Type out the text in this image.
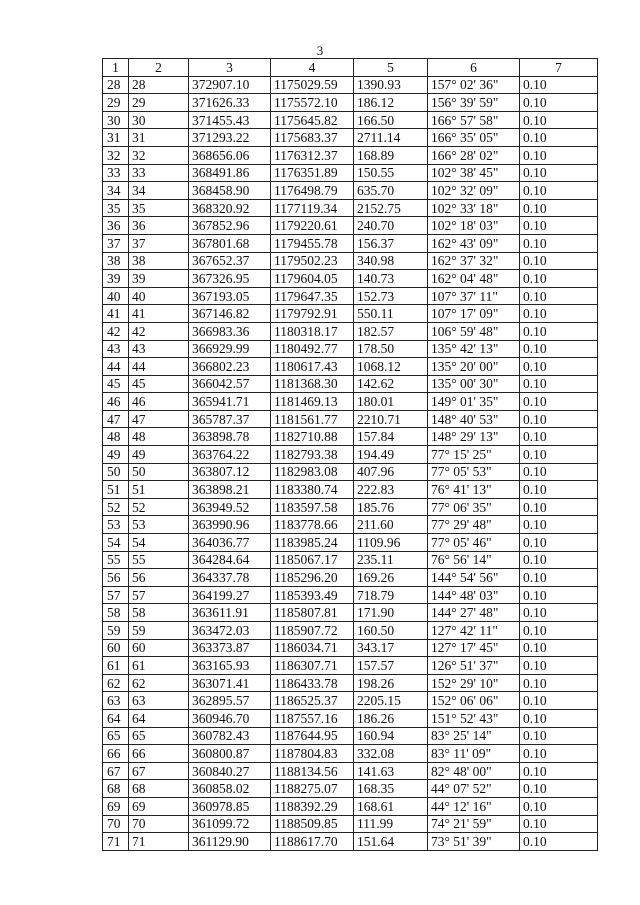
3
1	2	3	4	5	6	7
28	28	372907.10	1175029.59	1390.93	157° 02' 36"	0.10
29	29	371626.33	1175572.10	186.12	156° 39' 59"	0.10
30	30	371455.43	1175645.82	166.50	166° 57' 58"	0.10
31	31	371293.22	1175683.37	2711.14	166° 35' 05"	0.10
32	32	368656.06	1176312.37	168.89	166° 28' 02"	0.10
33	33	368491.86	1176351.89	150.55	102° 38' 45"	0.10
34	34	368458.90	1176498.79	635.70	102° 32' 09"	0.10
35	35	368320.92	1177119.34	2152.75	102° 33' 18"	0.10
36	36	367852.96	1179220.61	240.70	102° 18' 03"	0.10
37	37	367801.68	1179455.78	156.37	162° 43' 09"	0.10
38	38	367652.37	1179502.23	340.98	162° 37' 32"	0.10
39	39	367326.95	1179604.05	140.73	162° 04' 48"	0.10
40	40	367193.05	1179647.35	152.73	107° 37' 11"	0.10
41	41	367146.82	1179792.91	550.11	107° 17' 09"	0.10
42	42	366983.36	1180318.17	182.57	106° 59' 48"	0.10
43	43	366929.99	1180492.77	178.50	135° 42' 13"	0.10
44	44	366802.23	1180617.43	1068.12	135° 20' 00"	0.10
45	45	366042.57	1181368.30	142.62	135° 00' 30"	0.10
46	46	365941.71	1181469.13	180.01	149° 01' 35"	0.10
47	47	365787.37	1181561.77	2210.71	148° 40' 53"	0.10
48	48	363898.78	1182710.88	157.84	148° 29' 13"	0.10
49	49	363764.22	1182793.38	194.49	77° 15' 25"	0.10
50	50	363807.12	1182983.08	407.96	77° 05' 53"	0.10
51	51	363898.21	1183380.74	222.83	76° 41' 13"	0.10
52	52	363949.52	1183597.58	185.76	77° 06' 35"	0.10
53	53	363990.96	1183778.66	211.60	77° 29' 48"	0.10
54	54	364036.77	1183985.24	1109.96	77° 05' 46"	0.10
55	55	364284.64	1185067.17	235.11	76° 56' 14"	0.10
56	56	364337.78	1185296.20	169.26	144° 54' 56"	0.10
57	57	364199.27	1185393.49	718.79	144° 48' 03"	0.10
58	58	363611.91	1185807.81	171.90	144° 27' 48"	0.10
59	59	363472.03	1185907.72	160.50	127° 42' 11"	0.10
60	60	363373.87	1186034.71	343.17	127° 17' 45"	0.10
61	61	363165.93	1186307.71	157.57	126° 51' 37"	0.10
62	62	363071.41	1186433.78	198.26	152° 29' 10"	0.10
63	63	362895.57	1186525.37	2205.15	152° 06' 06"	0.10
64	64	360946.70	1187557.16	186.26	151° 52' 43"	0.10
65	65	360782.43	1187644.95	160.94	83° 25' 14"	0.10
66	66	360800.87	1187804.83	332.08	83° 11' 09"	0.10
67	67	360840.27	1188134.56	141.63	82° 48' 00"	0.10
68	68	360858.02	1188275.07	168.35	44° 07' 52"	0.10
69	69	360978.85	1188392.29	168.61	44° 12' 16"	0.10
70	70	361099.72	1188509.85	111.99	74° 21' 59"	0.10
71	71	361129.90	1188617.70	151.64	73° 51' 39"	0.10
